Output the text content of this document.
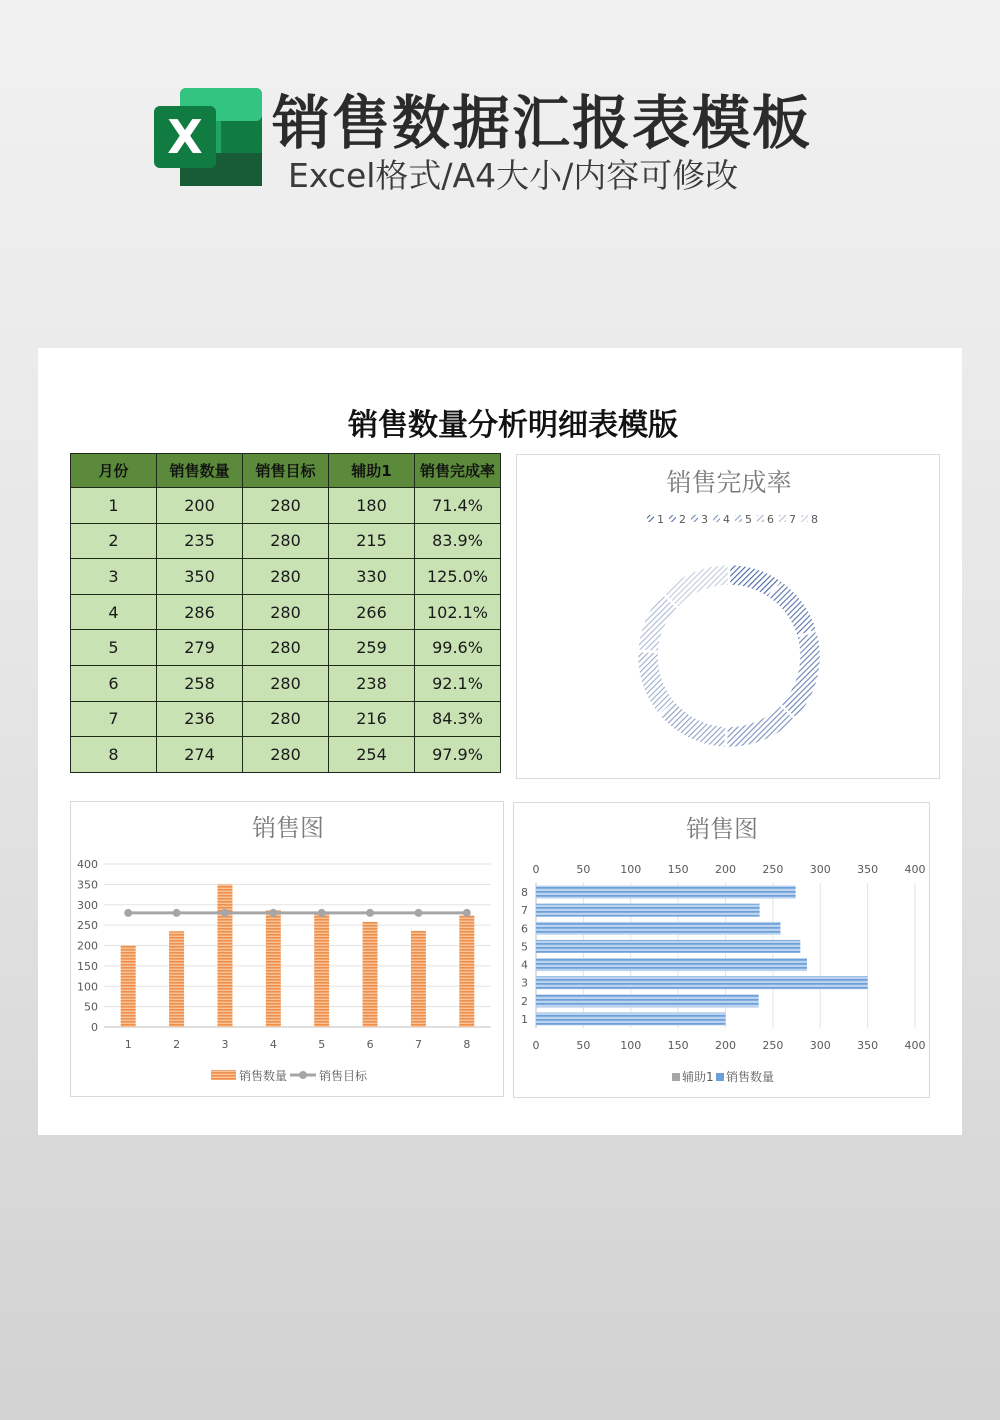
X 销售数据汇报表模板
Excel格式/A4大小/内容可修改
销售数量分析明细表模版
月份	销售数量	销售目标	辅助1	销售完成率
1	200	280	180	71.4%
2	235	280	215	83.9%
3	350	280	330	125.0%
4	286	280	266	102.1%
5	279	280	259	99.6%
6	258	280	238	92.1%
7	236	280	216	84.3%
8	274	280	254	97.9%
销售完成率
1 2 3 4 5 6 7 8
销售图
0
50
100
150
200
250
300
350
400
1	2	3	4	5	6	7	8
销售数量	销售目标
销售图
0
0
50
50
100
100
150
150
200
200
250
250
300
300
350
350
400
400
1
2
3
4
5
6
7
8
辅助1 销售数量
